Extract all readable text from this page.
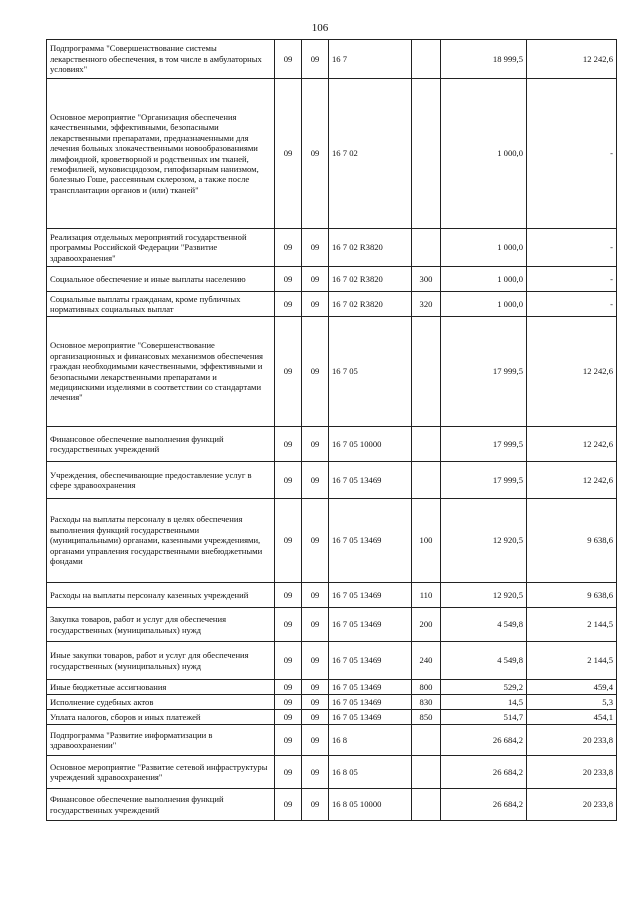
106
Подпрограмма "Совершенствование системы лекарственного обеспечения, в том числе в амбулаторных условиях"	09	09	16 7		18 999,5	12 242,6
Основное мероприятие "Организация обеспечения качественными, эффективными, безопасными лекарственными препаратами, предназначенными для лечения больных злокачественными новообразованиями лимфоидной, кроветворной и родственных им тканей, гемофилией, муковисцидозом, гипофизарным нанизмом, болезнью Гоше, рассеянным склерозом, а также после трансплантации органов и (или) тканей"	09	09	16 7 02		1 000,0	-
Реализация отдельных мероприятий государственной программы Российской Федерации "Развитие здравоохранения"	09	09	16 7 02 R3820		1 000,0	-
Социальное обеспечение и иные выплаты населению	09	09	16 7 02 R3820	300	1 000,0	-
Социальные выплаты гражданам, кроме публичных нормативных социальных выплат	09	09	16 7 02 R3820	320	1 000,0	-
Основное мероприятие "Совершенствование организационных и финансовых механизмов обеспечения граждан необходимыми качественными, эффективными и безопасными лекарственными препаратами и медицинскими изделиями в соответствии со стандартами лечения"	09	09	16 7 05		17 999,5	12 242,6
Финансовое обеспечение выполнения функций государственных учреждений	09	09	16 7 05 10000		17 999,5	12 242,6
Учреждения, обеспечивающие предоставление услуг в сфере здравоохранения	09	09	16 7 05 13469		17 999,5	12 242,6
Расходы на выплаты персоналу в целях обеспечения выполнения функций государственными (муниципальными) органами, казенными учреждениями, органами управления государственными внебюджетными фондами	09	09	16 7 05 13469	100	12 920,5	9 638,6
Расходы на выплаты персоналу казенных учреждений	09	09	16 7 05 13469	110	12 920,5	9 638,6
Закупка товаров, работ и услуг для обеспечения государственных (муниципальных) нужд	09	09	16 7 05 13469	200	4 549,8	2 144,5
Иные закупки товаров, работ и услуг для обеспечения государственных (муниципальных) нужд	09	09	16 7 05 13469	240	4 549,8	2 144,5
Иные бюджетные ассигнования	09	09	16 7 05 13469	800	529,2	459,4
Исполнение судебных актов	09	09	16 7 05 13469	830	14,5	5,3
Уплата налогов, сборов и иных платежей	09	09	16 7 05 13469	850	514,7	454,1
Подпрограмма "Развитие информатизации в здравоохранении"	09	09	16 8		26 684,2	20 233,8
Основное мероприятие "Развитие сетевой инфраструктуры учреждений здравоохранения"	09	09	16 8 05		26 684,2	20 233,8
Финансовое обеспечение выполнения функций государственных учреждений	09	09	16 8 05 10000		26 684,2	20 233,8
